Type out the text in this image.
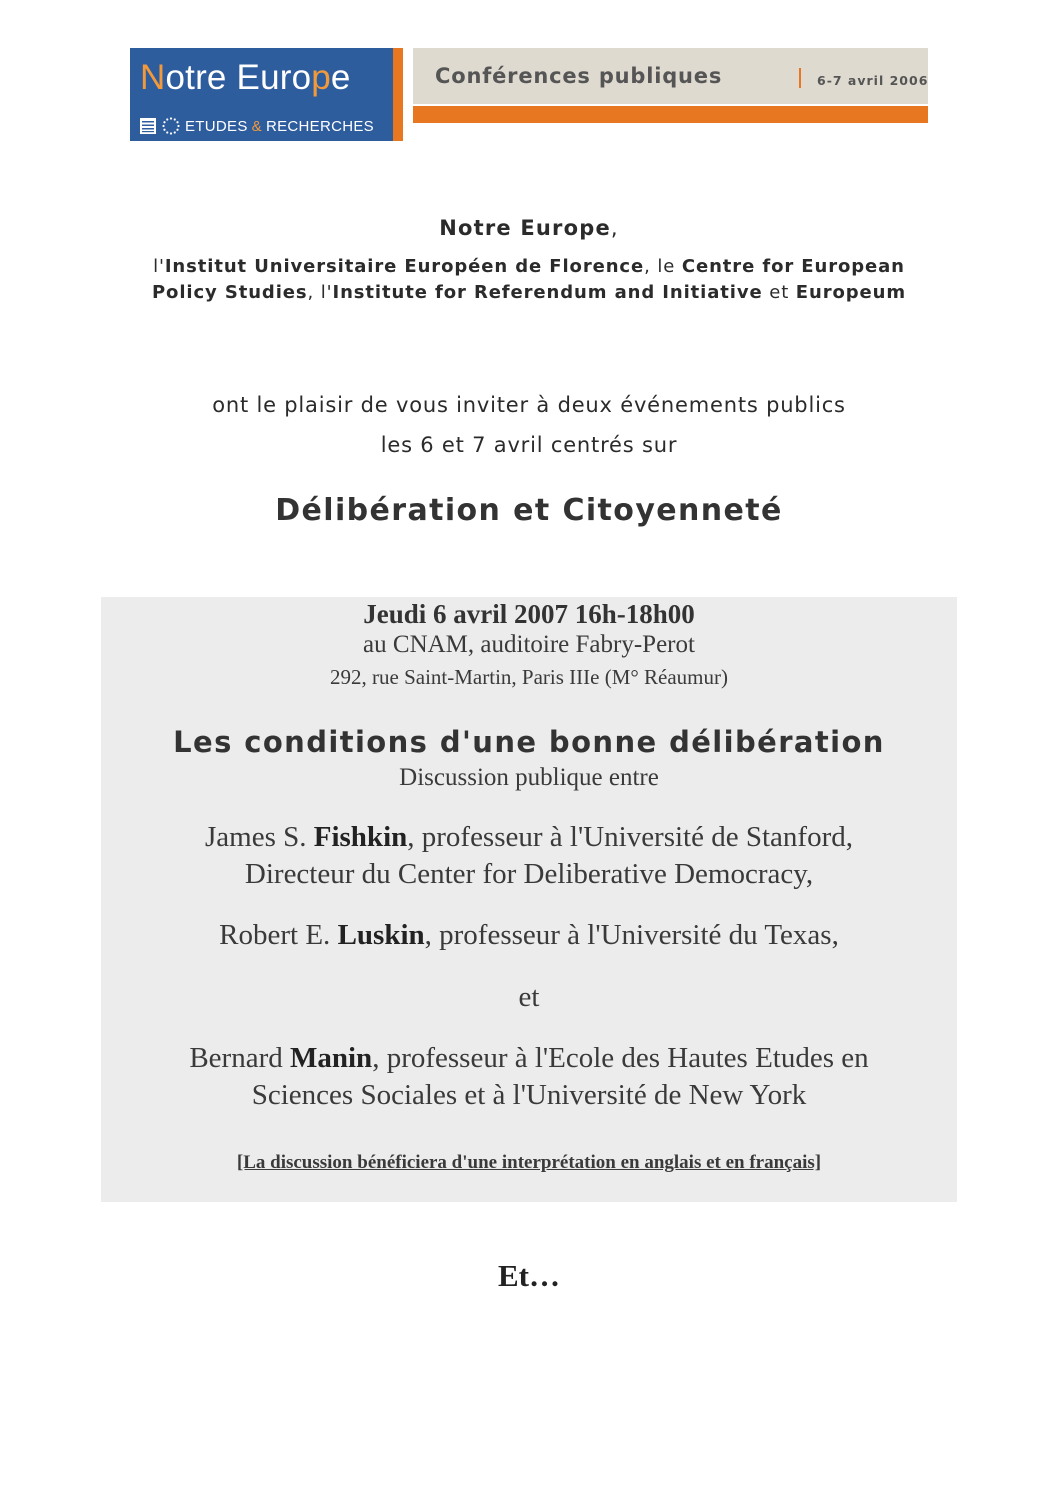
Notre Europe
ETUDES & RECHERCHES
Conférences publiques	6-7 avril 2006
Notre Europe,
l'Institut Universitaire Européen de Florence, le Centre for European
Policy Studies, l'Institute for Referendum and Initiative et Europeum
ont le plaisir de vous inviter à deux événements publics
les 6 et 7 avril centrés sur
Délibération et Citoyenneté
Jeudi 6 avril 2007 16h-18h00
au CNAM, auditoire Fabry-Perot
292, rue Saint-Martin, Paris IIIe (M° Réaumur)
Les conditions d'une bonne délibération
Discussion publique entre
James S. Fishkin, professeur à l'Université de Stanford,
Directeur du Center for Deliberative Democracy,
Robert E. Luskin, professeur à l'Université du Texas,
et
Bernard Manin, professeur à l'Ecole des Hautes Etudes en
Sciences Sociales et à l'Université de New York
[La discussion bénéficiera d'une interprétation en anglais et en français]
Et…
